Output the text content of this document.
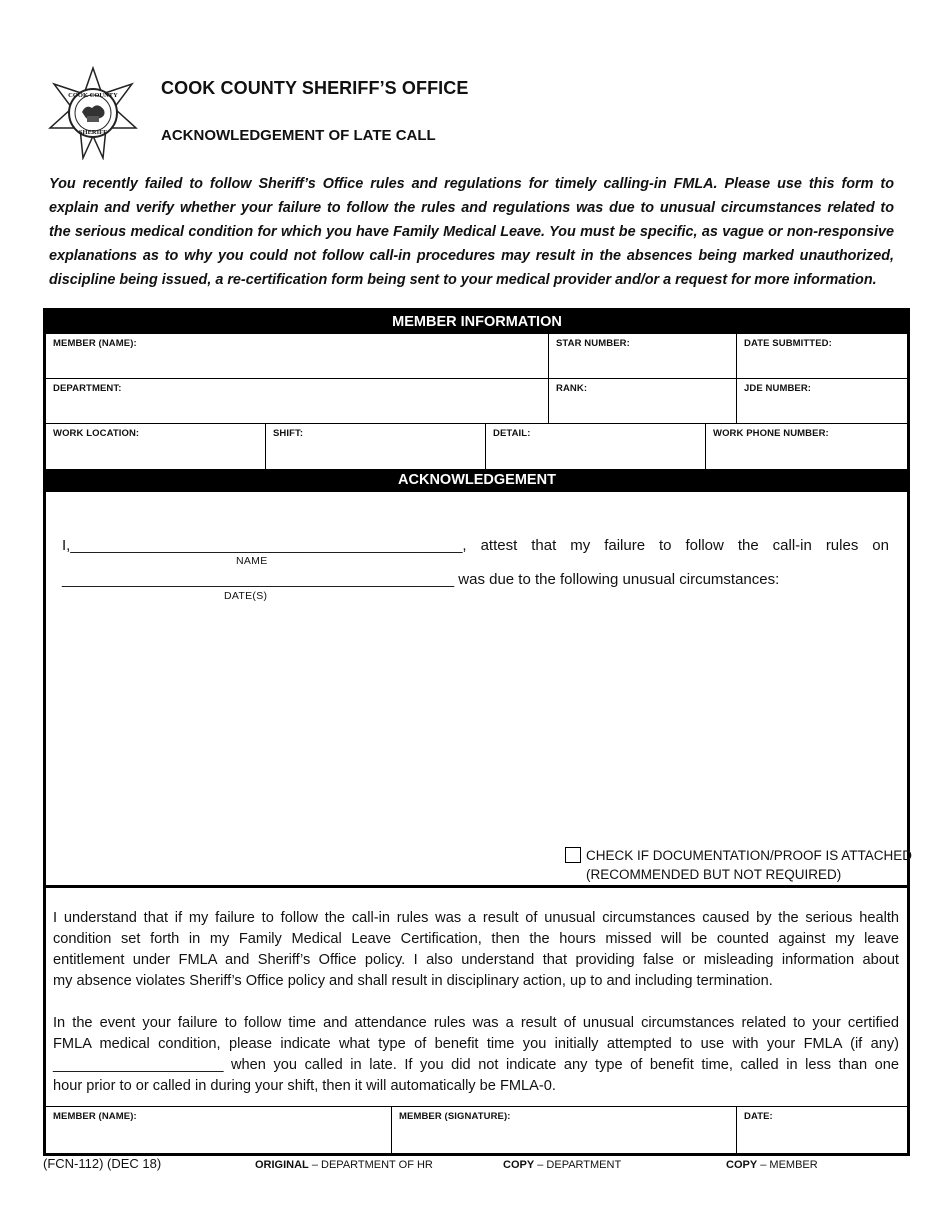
COOK COUNTY
SHERIFF
COOK COUNTY SHERIFF’S OFFICE
ACKNOWLEDGEMENT OF LATE CALL
You recently failed to follow Sheriff’s Office rules and regulations for timely calling-in FMLA. Please use this form to
explain and verify whether your failure to follow the rules and regulations was due to unusual circumstances related to
the serious medical condition for which you have Family Medical Leave. You must be specific, as vague or non-responsive
explanations as to why you could not follow call-in procedures may result in the absences being marked unauthorized,
discipline being issued, a re-certification form being sent to your medical provider and/or a request for more information.
MEMBER INFORMATION
MEMBER (NAME):	STAR NUMBER:	DATE SUBMITTED:
DEPARTMENT:	RANK:	JDE NUMBER:
WORK LOCATION:	SHIFT:	DETAIL:	WORK PHONE NUMBER:
ACKNOWLEDGEMENT
I,_______________________________________________, attest that my failure to follow the call-in rules on
NAME
_______________________________________________ was due to the following unusual circumstances:
DATE(S)
CHECK IF DOCUMENTATION/PROOF IS ATTACHED
(RECOMMENDED BUT NOT REQUIRED)
I understand that if my failure to follow the call-in rules was a result of unusual circumstances caused by the serious health
condition set forth in my Family Medical Leave Certification, then the hours missed will be counted against my leave
entitlement under FMLA and Sheriff’s Office policy. I also understand that providing false or misleading information about
my absence violates Sheriff’s Office policy and shall result in disciplinary action, up to and including termination.
In the event your failure to follow time and attendance rules was a result of unusual circumstances related to your certified
FMLA medical condition, please indicate what type of benefit time you initially attempted to use with your FMLA (if any)
_____________________ when you called in late. If you did not indicate any type of benefit time, called in less than one
hour prior to or called in during your shift, then it will automatically be FMLA-0.
MEMBER (NAME):	MEMBER (SIGNATURE):	DATE:
(FCN-112) (DEC 18)	ORIGINAL – DEPARTMENT OF HR	COPY – DEPARTMENT	COPY – MEMBER
